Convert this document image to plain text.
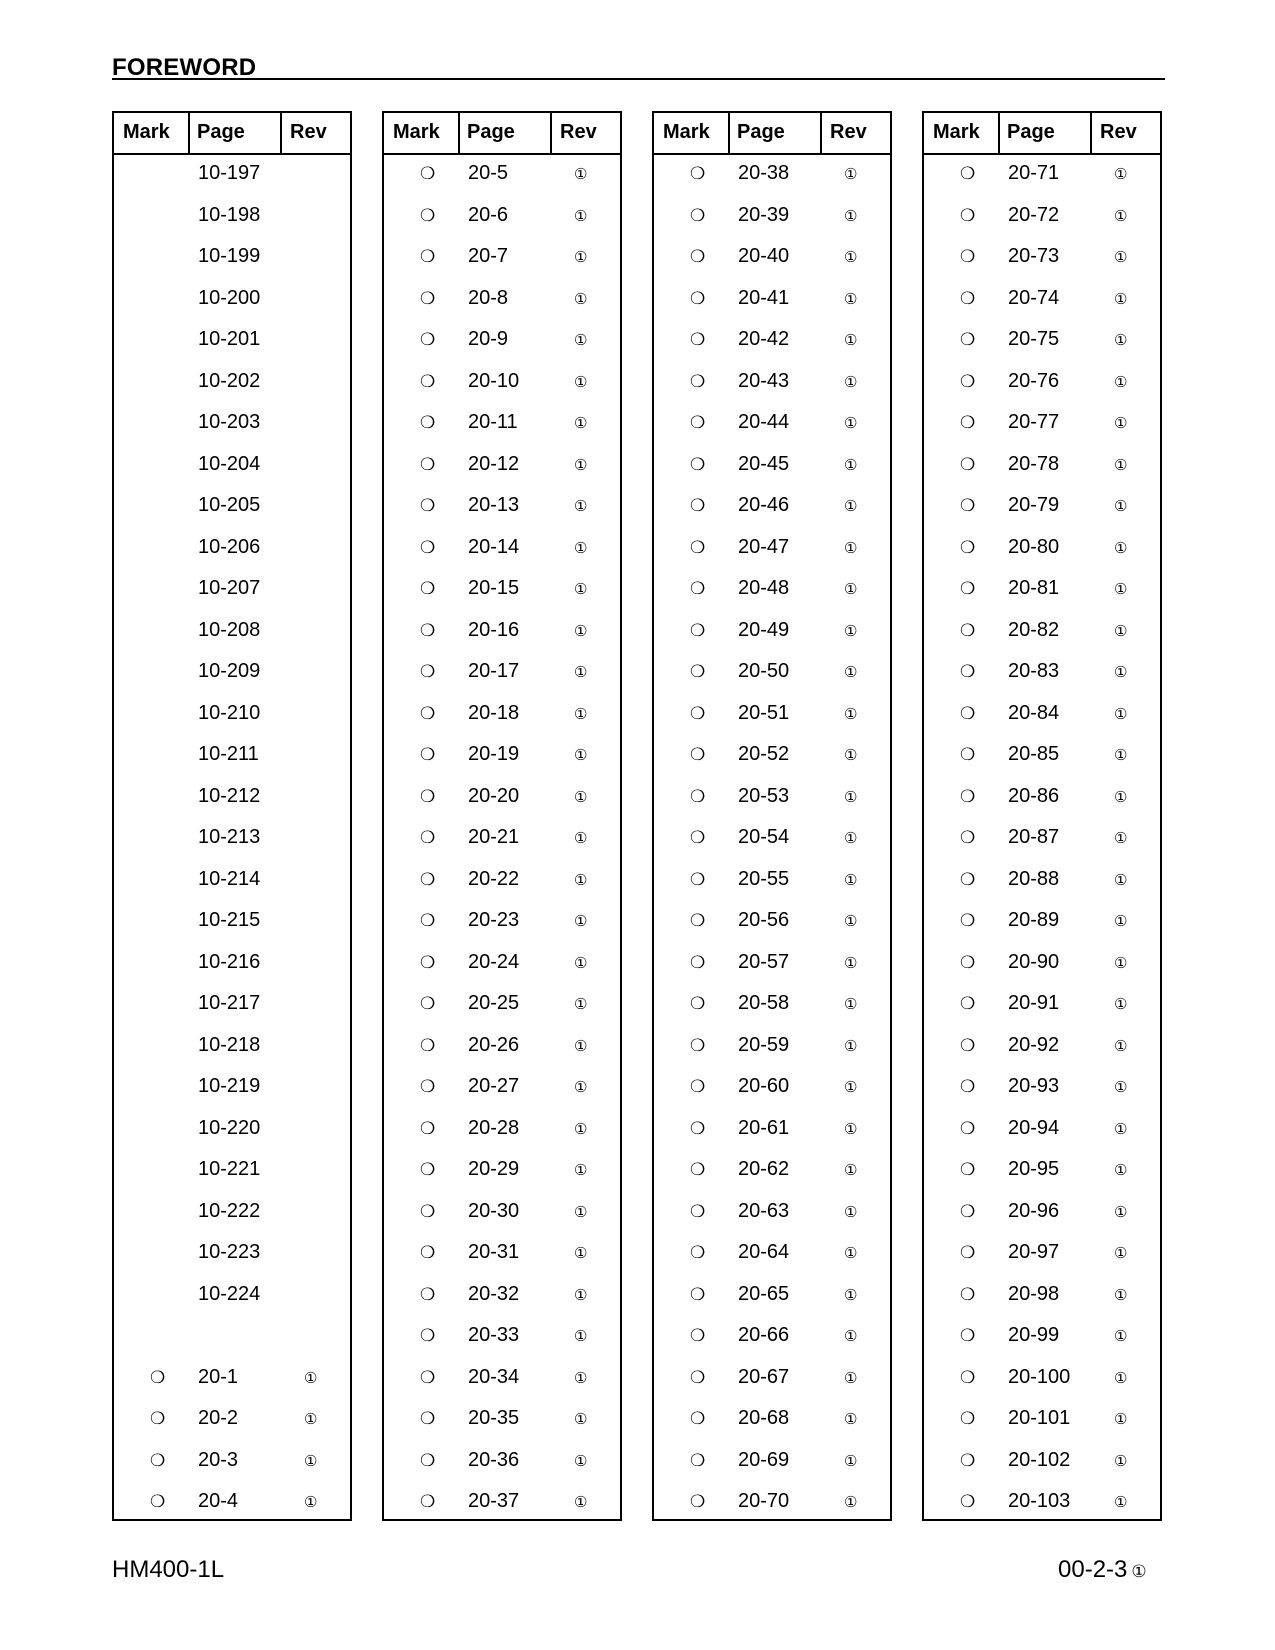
FOREWORD
Mark Page Rev
10-197
10-198
10-199
10-200
10-201
10-202
10-203
10-204
10-205
10-206
10-207
10-208
10-209
10-210
10-211
10-212
10-213
10-214
10-215
10-216
10-217
10-218
10-219
10-220
10-221
10-222
10-223
10-224
❍ 20-1	①
❍ 20-2	①
❍ 20-3	①
❍ 20-4	①
Mark Page Rev
❍ 20-5	①
❍ 20-6	①
❍ 20-7	①
❍ 20-8	①
❍ 20-9	①
❍ 20-10	①
❍ 20-11	①
❍ 20-12	①
❍ 20-13	①
❍ 20-14	①
❍ 20-15	①
❍ 20-16	①
❍ 20-17	①
❍ 20-18	①
❍ 20-19	①
❍ 20-20	①
❍ 20-21	①
❍ 20-22	①
❍ 20-23	①
❍ 20-24	①
❍ 20-25	①
❍ 20-26	①
❍ 20-27	①
❍ 20-28	①
❍ 20-29	①
❍ 20-30	①
❍ 20-31	①
❍ 20-32	①
❍ 20-33	①
❍ 20-34	①
❍ 20-35	①
❍ 20-36	①
❍ 20-37	①
Mark Page Rev
❍ 20-38	①
❍ 20-39	①
❍ 20-40	①
❍ 20-41	①
❍ 20-42	①
❍ 20-43	①
❍ 20-44	①
❍ 20-45	①
❍ 20-46	①
❍ 20-47	①
❍ 20-48	①
❍ 20-49	①
❍ 20-50	①
❍ 20-51	①
❍ 20-52	①
❍ 20-53	①
❍ 20-54	①
❍ 20-55	①
❍ 20-56	①
❍ 20-57	①
❍ 20-58	①
❍ 20-59	①
❍ 20-60	①
❍ 20-61	①
❍ 20-62	①
❍ 20-63	①
❍ 20-64	①
❍ 20-65	①
❍ 20-66	①
❍ 20-67	①
❍ 20-68	①
❍ 20-69	①
❍ 20-70	①
Mark Page Rev
❍ 20-71	①
❍ 20-72	①
❍ 20-73	①
❍ 20-74	①
❍ 20-75	①
❍ 20-76	①
❍ 20-77	①
❍ 20-78	①
❍ 20-79	①
❍ 20-80	①
❍ 20-81	①
❍ 20-82	①
❍ 20-83	①
❍ 20-84	①
❍ 20-85	①
❍ 20-86	①
❍ 20-87	①
❍ 20-88	①
❍ 20-89	①
❍ 20-90	①
❍ 20-91	①
❍ 20-92	①
❍ 20-93	①
❍ 20-94	①
❍ 20-95	①
❍ 20-96	①
❍ 20-97	①
❍ 20-98	①
❍ 20-99	①
❍ 20-100	①
❍ 20-101	①
❍ 20-102	①
❍ 20-103	①
HM400-1L	00-2-3 ①
